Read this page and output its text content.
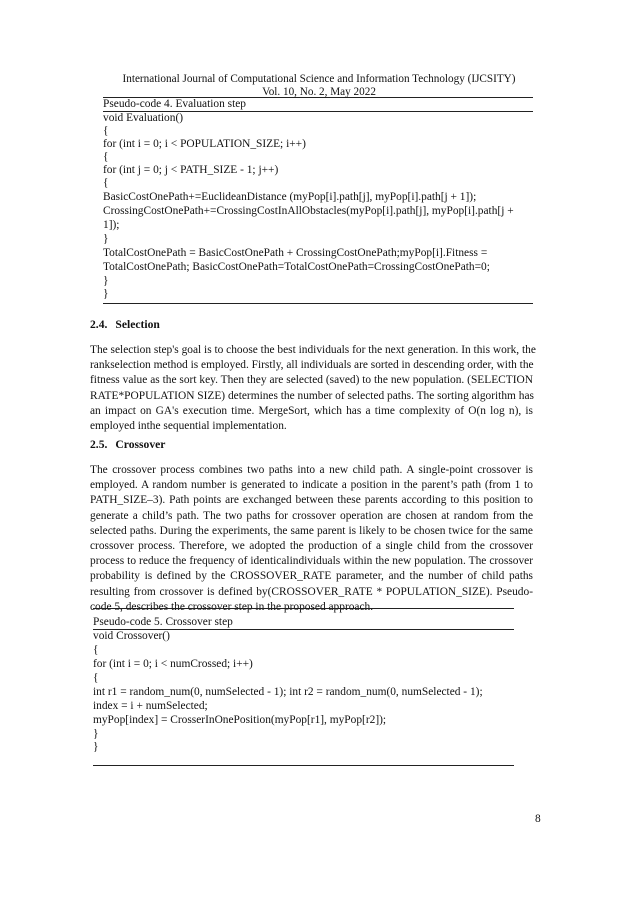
International Journal of Computational Science and Information Technology (IJCSITY)
Vol. 10, No. 2, May 2022
Pseudo-code 4. Evaluation step
void Evaluation()
{
for (int i = 0; i < POPULATION_SIZE; i++)
{
for (int j = 0; j < PATH_SIZE - 1; j++)
{
BasicCostOnePath+=EuclideanDistance (myPop[i].path[j], myPop[i].path[j + 1]);
CrossingCostOnePath+=CrossingCostInAllObstacles(myPop[i].path[j], myPop[i].path[j +
1]);
}
TotalCostOnePath = BasicCostOnePath + CrossingCostOnePath;myPop[i].Fitness =
TotalCostOnePath; BasicCostOnePath=TotalCostOnePath=CrossingCostOnePath=0;
}
}
2.4. Selection
The selection step's goal is to choose the best individuals for the next generation. In this work, the
rankselection method is employed. Firstly, all individuals are sorted in descending order, with the
fitness value as the sort key. Then they are selected (saved) to the new population. (SELECTION
RATE*POPULATION SIZE) determines the number of selected paths. The sorting algorithm has
an impact on GA's execution time. MergeSort, which has a time complexity of O(n log n), is
employed inthe sequential implementation.
2.5. Crossover
The crossover process combines two paths into a new child path. A single-point crossover is
employed. A random number is generated to indicate a position in the parent’s path (from 1 to
PATH_SIZE–3). Path points are exchanged between these parents according to this position to
generate a child’s path. The two paths for crossover operation are chosen at random from the
selected paths. During the experiments, the same parent is likely to be chosen twice for the same
crossover process. Therefore, we adopted the production of a single child from the crossover
process to reduce the frequency of identicalindividuals within the new population. The crossover
probability is defined by the CROSSOVER_RATE parameter, and the number of child paths
resulting from crossover is defined by(CROSSOVER_RATE * POPULATION_SIZE). Pseudo-
code 5, describes the crossover step in the proposed approach.
Pseudo-code 5. Crossover step
void Crossover()
{
for (int i = 0; i < numCrossed; i++)
{
int r1 = random_num(0, numSelected - 1); int r2 = random_num(0, numSelected - 1);
index = i + numSelected;
myPop[index] = CrosserInOnePosition(myPop[r1], myPop[r2]);
}
}
8
